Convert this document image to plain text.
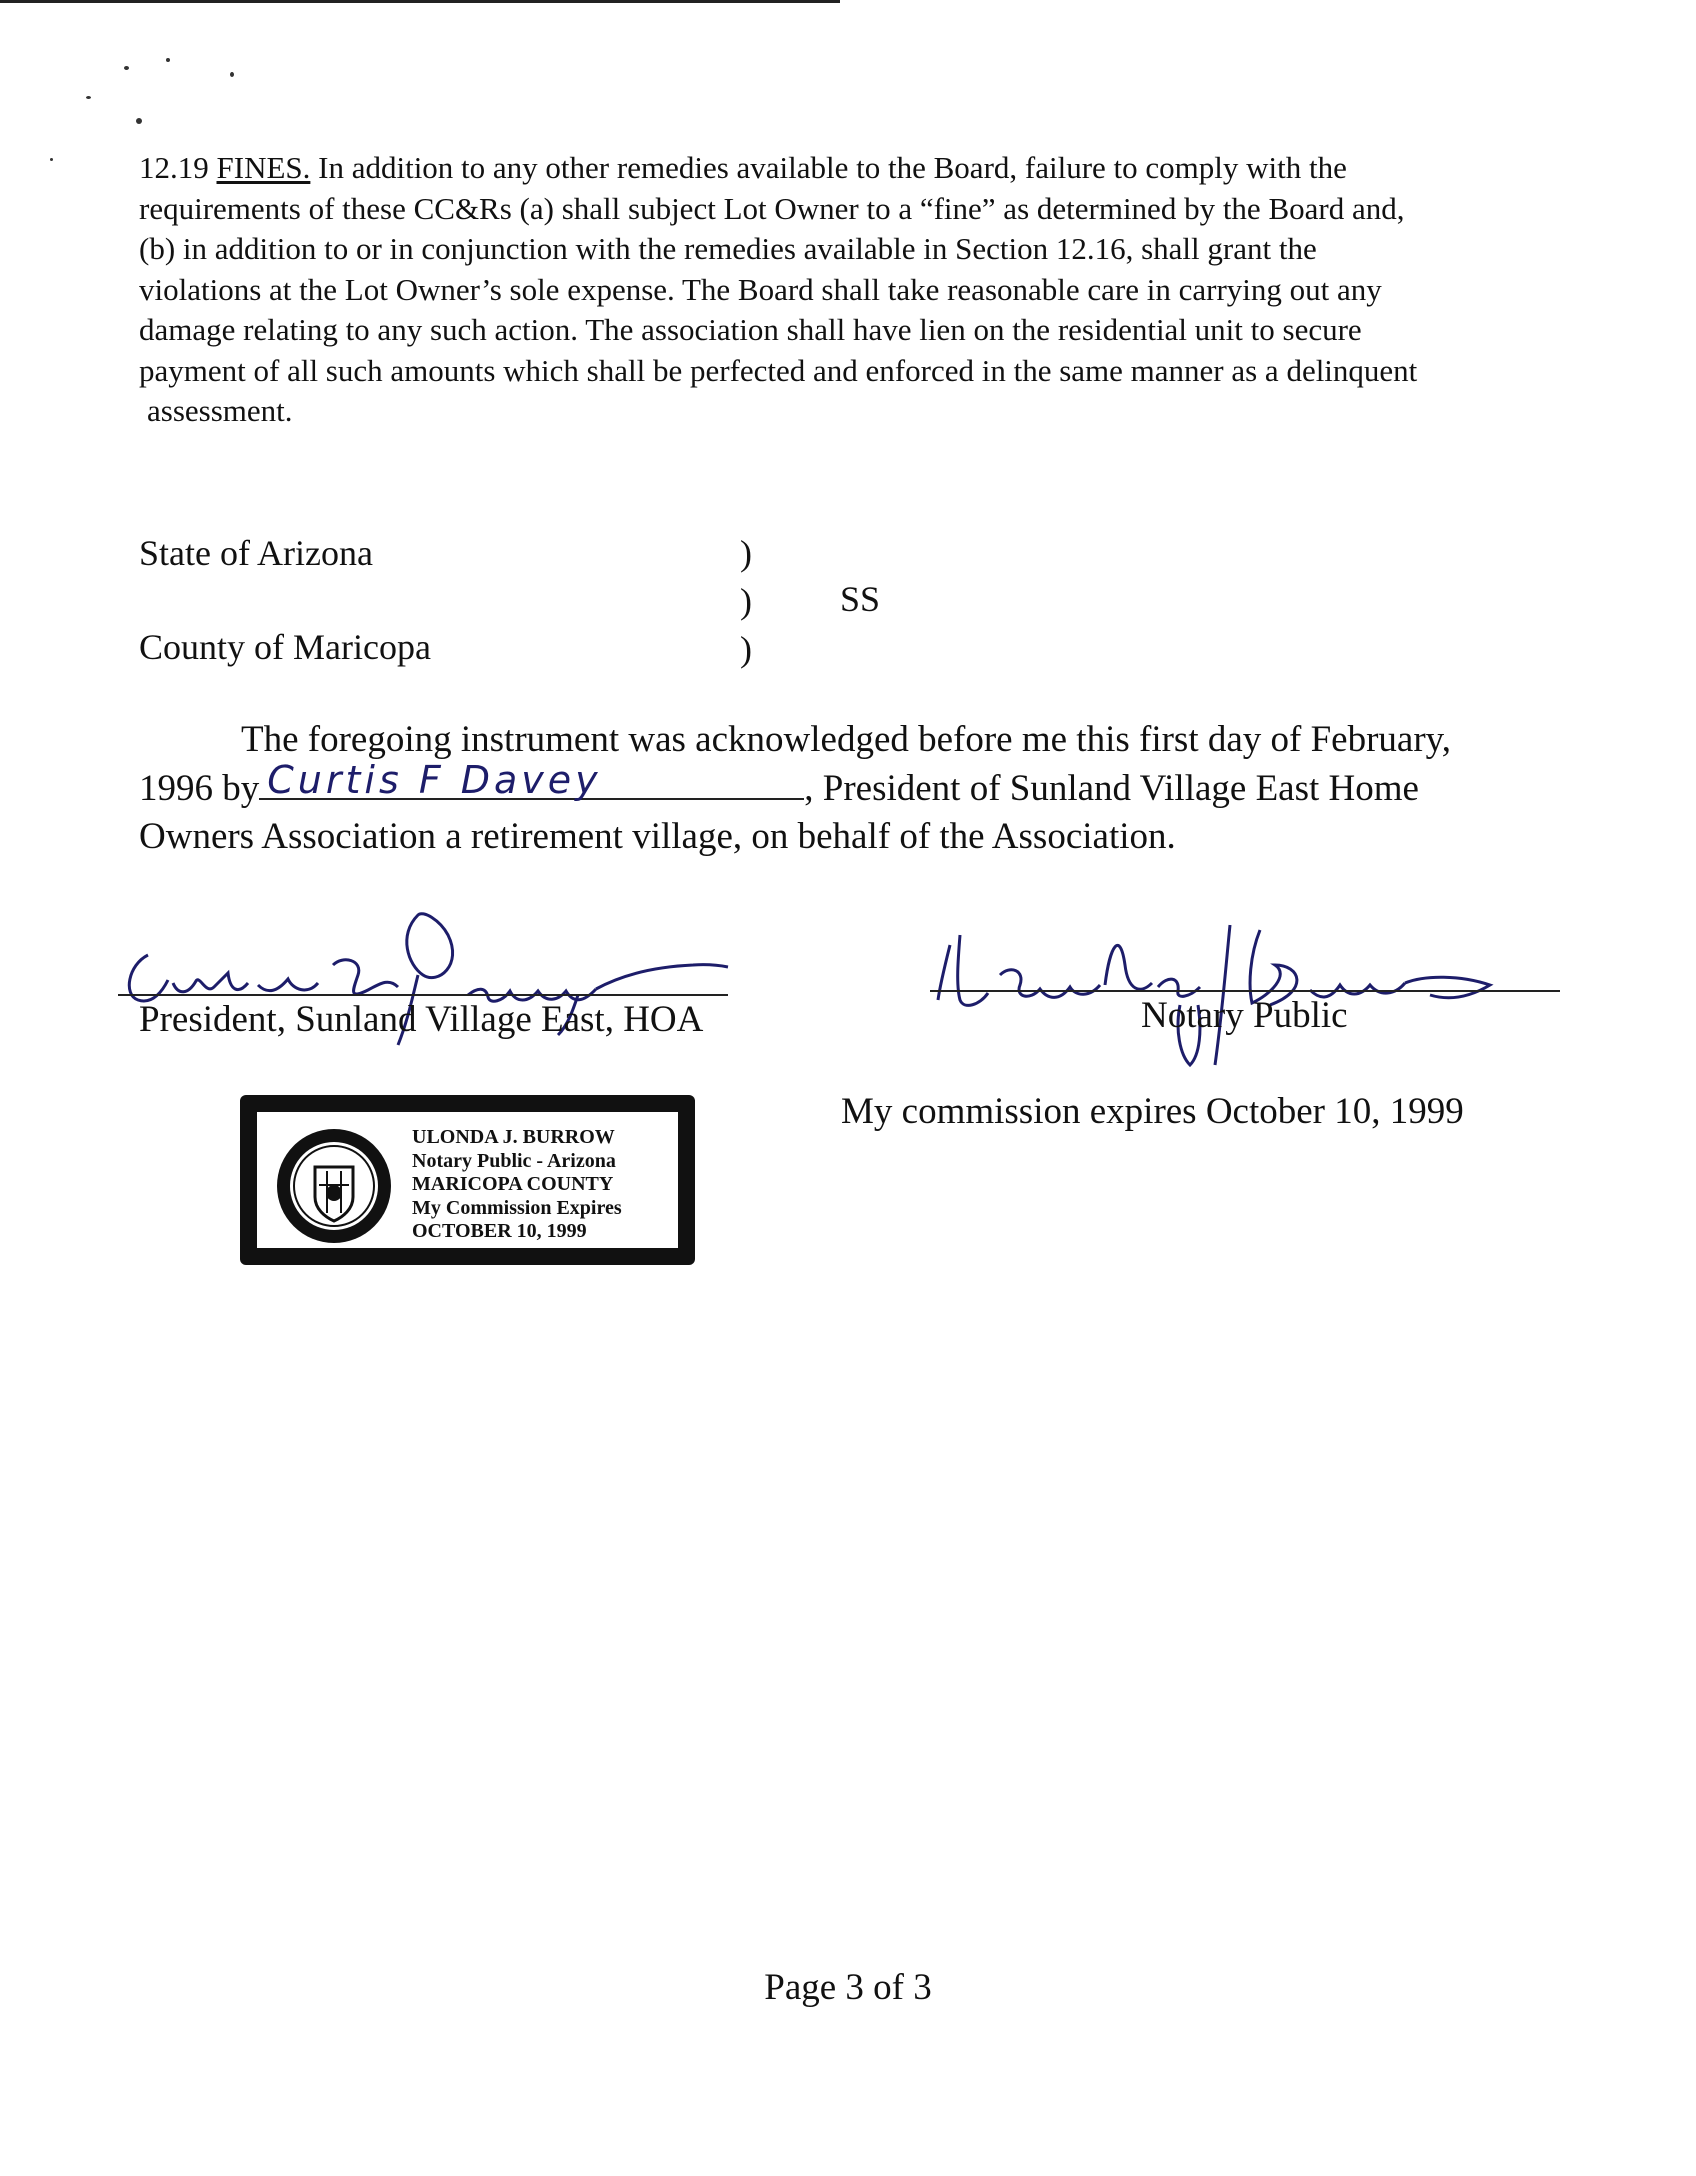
12.19 FINES. In addition to any other remedies available to the Board, failure to comply with the
requirements of these CC&Rs (a) shall subject Lot Owner to a “fine” as determined by the Board and,
(b) in addition to or in conjunction with the remedies available in Section 12.16, shall grant the
violations at the Lot Owner’s sole expense. The Board shall take reasonable care in carrying out any
damage relating to any such action. The association shall have lien on the residential unit to secure
payment of all such amounts which shall be perfected and enforced in the same manner as a delinquent
assessment.
State of Arizona
County of Maricopa
)
)
)
SS
The foregoing instrument was acknowledged before me this first day of February,
1996 by Curtis F Davey	, President of Sunland Village East Home
Owners Association a retirement village, on behalf of the Association.
President, Sunland Village East, HOA	Notary Public
My commission expires October 10, 1999
ULONDA J. BURROW
Notary Public - Arizona
MARICOPA COUNTY
My Commission Expires
OCTOBER 10, 1999
Page 3 of 3
